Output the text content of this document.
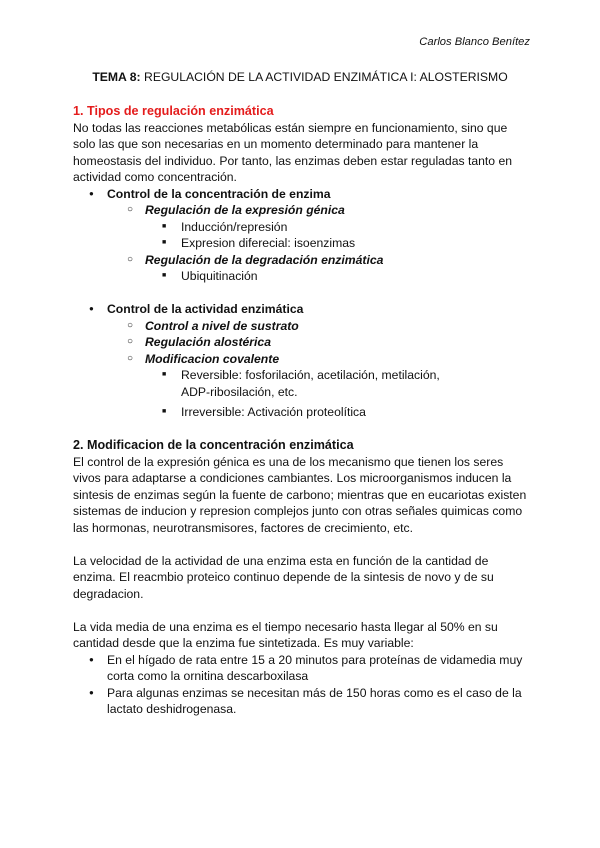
Carlos Blanco Benítez
TEMA 8: REGULACIÓN DE LA ACTIVIDAD ENZIMÁTICA I: ALOSTERISMO
1. Tipos de regulación enzimática

No todas las reacciones metabólicas están siempre en funcionamiento, sino que solo las que son necesarias en un momento determinado para mantener la homeostasis del individuo. Por tanto, las enzimas deben estar reguladas tanto en actividad como concentración.

● Control de la concentración de enzima
○ Regulación de la expresión génica
■ Inducción/represión
■ Expresion diferecial: isoenzimas
○ Regulación de la degradación enzimática
■ Ubiquitinación
● Control de la actividad enzimática
○ Control a nivel de sustrato
○ Regulación alostérica
○ Modificacion covalente
■ Reversible: fosforilación, acetilación, metilación, ADP-ribosilación, etc.
■ Irreversible: Activación proteolítica
2. Modificacion de la concentración enzimática

El control de la expresión génica es una de los mecanismo que tienen los seres vivos para adaptarse a condiciones cambiantes. Los microorganismos inducen la sintesis de enzimas según la fuente de carbono; mientras que en eucariotas existen sistemas de inducion y represion complejos junto con otras señales quimicas como las hormonas, neurotransmisores, factores de crecimiento, etc.

La velocidad de la actividad de una enzima esta en función de la cantidad de enzima. El reacmbio proteico continuo depende de la sintesis de novo y de su degradacion.

La vida media de una enzima es el tiempo necesario hasta llegar al 50% en su cantidad desde que la enzima fue sintetizada. Es muy variable:

● En el hígado de rata entre 15 a 20 minutos para proteínas de vidamedia muy corta como la ornitina descarboxilasa
● Para algunas enzimas se necesitan más de 150 horas como es el caso de la lactato deshidrogenasa.
